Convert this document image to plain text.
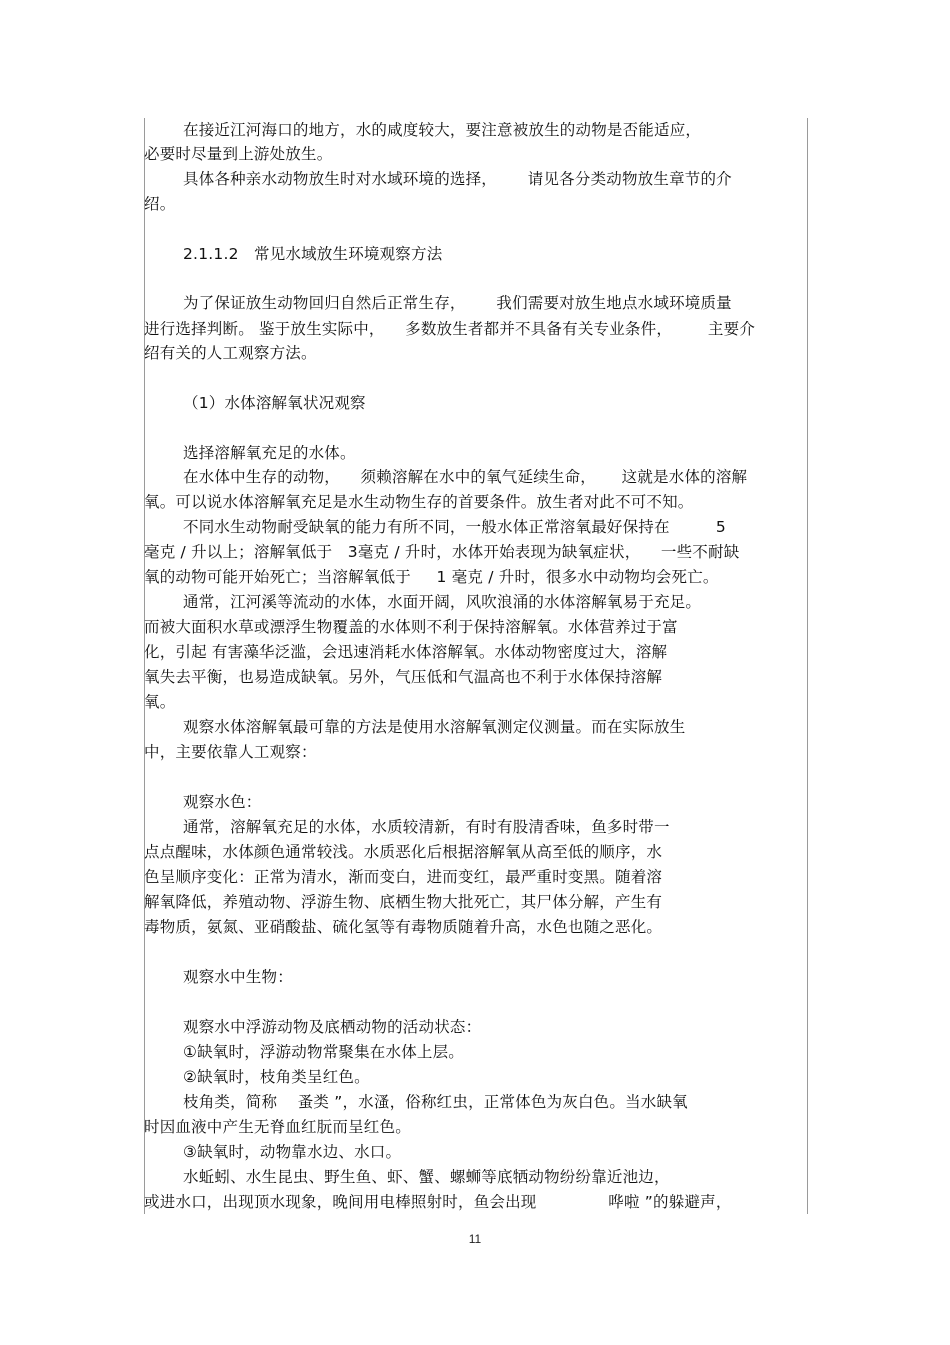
在接近江河海口的地方，水的咸度较大，要注意被放生的动物是否能适应，
必要时尽量到上游处放生。
具体各种亲水动物放生时对水域环境的选择，      请见各分类动物放生章节的介
绍。
2.1.1.2   常见水域放生环境观察方法
为了保证放生动物回归自然后正常生存，      我们需要对放生地点水域环境质量
进行选择判断。 鉴于放生实际中，    多数放生者都并不具备有关专业条件，       主要介
绍有关的人工观察方法。
（1）水体溶解氧状况观察
选择溶解氧充足的水体。
在水体中生存的动物，    须赖溶解在水中的氧气延续生命，     这就是水体的溶解
氧。可以说水体溶解氧充足是水生动物生存的首要条件。放生者对此不可不知。
不同水生动物耐受缺氧的能力有所不同，一般水体正常溶氧最好保持在         5
毫克 / 升以上；溶解氧低于   3毫克 / 升时，水体开始表现为缺氧症状，    一些不耐缺
氧的动物可能开始死亡；当溶解氧低于     1 毫克 / 升时，很多水中动物均会死亡。
通常，江河溪等流动的水体，水面开阔，风吹浪涌的水体溶解氧易于充足。
而被大面积水草或漂浮生物覆盖的水体则不利于保持溶解氧。水体营养过于富
化，引起 有害藻华泛滥，会迅速消耗水体溶解氧。水体动物密度过大，溶解
氧失去平衡，也易造成缺氧。另外，气压低和气温高也不利于水体保持溶解
氧。
观察水体溶解氧最可靠的方法是使用水溶解氧测定仪测量。而在实际放生
中，主要依靠人工观察：
观察水色：
通常，溶解氧充足的水体，水质较清新，有时有股清香味，鱼多时带一
点点醒味，水体颜色通常较浅。水质恶化后根据溶解氧从高至低的顺序，水
色呈顺序变化：正常为清水，渐而变白，进而变红，最严重时变黑。随着溶
解氧降低，养殖动物、浮游生物、底栖生物大批死亡，其尸体分解，产生有
毒物质，氨氮、亚硝酸盐、硫化氢等有毒物质随着升高，水色也随之恶化。
观察水中生物：
观察水中浮游动物及底栖动物的活动状态：
①缺氧时，浮游动物常聚集在水体上层。
②缺氧时，枝角类呈红色。
枝角类，简称    蚤类 ”，水溞，俗称红虫，正常体色为灰白色。当水缺氧
时因血液中产生无脊血红朊而呈红色。
③缺氧时，动物靠水边、水口。
水蚯蚓、水生昆虫、野生鱼、虾、蟹、螺蛳等底牺动物纷纷靠近池边，
或进水口，出现顶水现象，晚间用电棒照射时，鱼会出现              哗啦 ”的躲避声，
11
